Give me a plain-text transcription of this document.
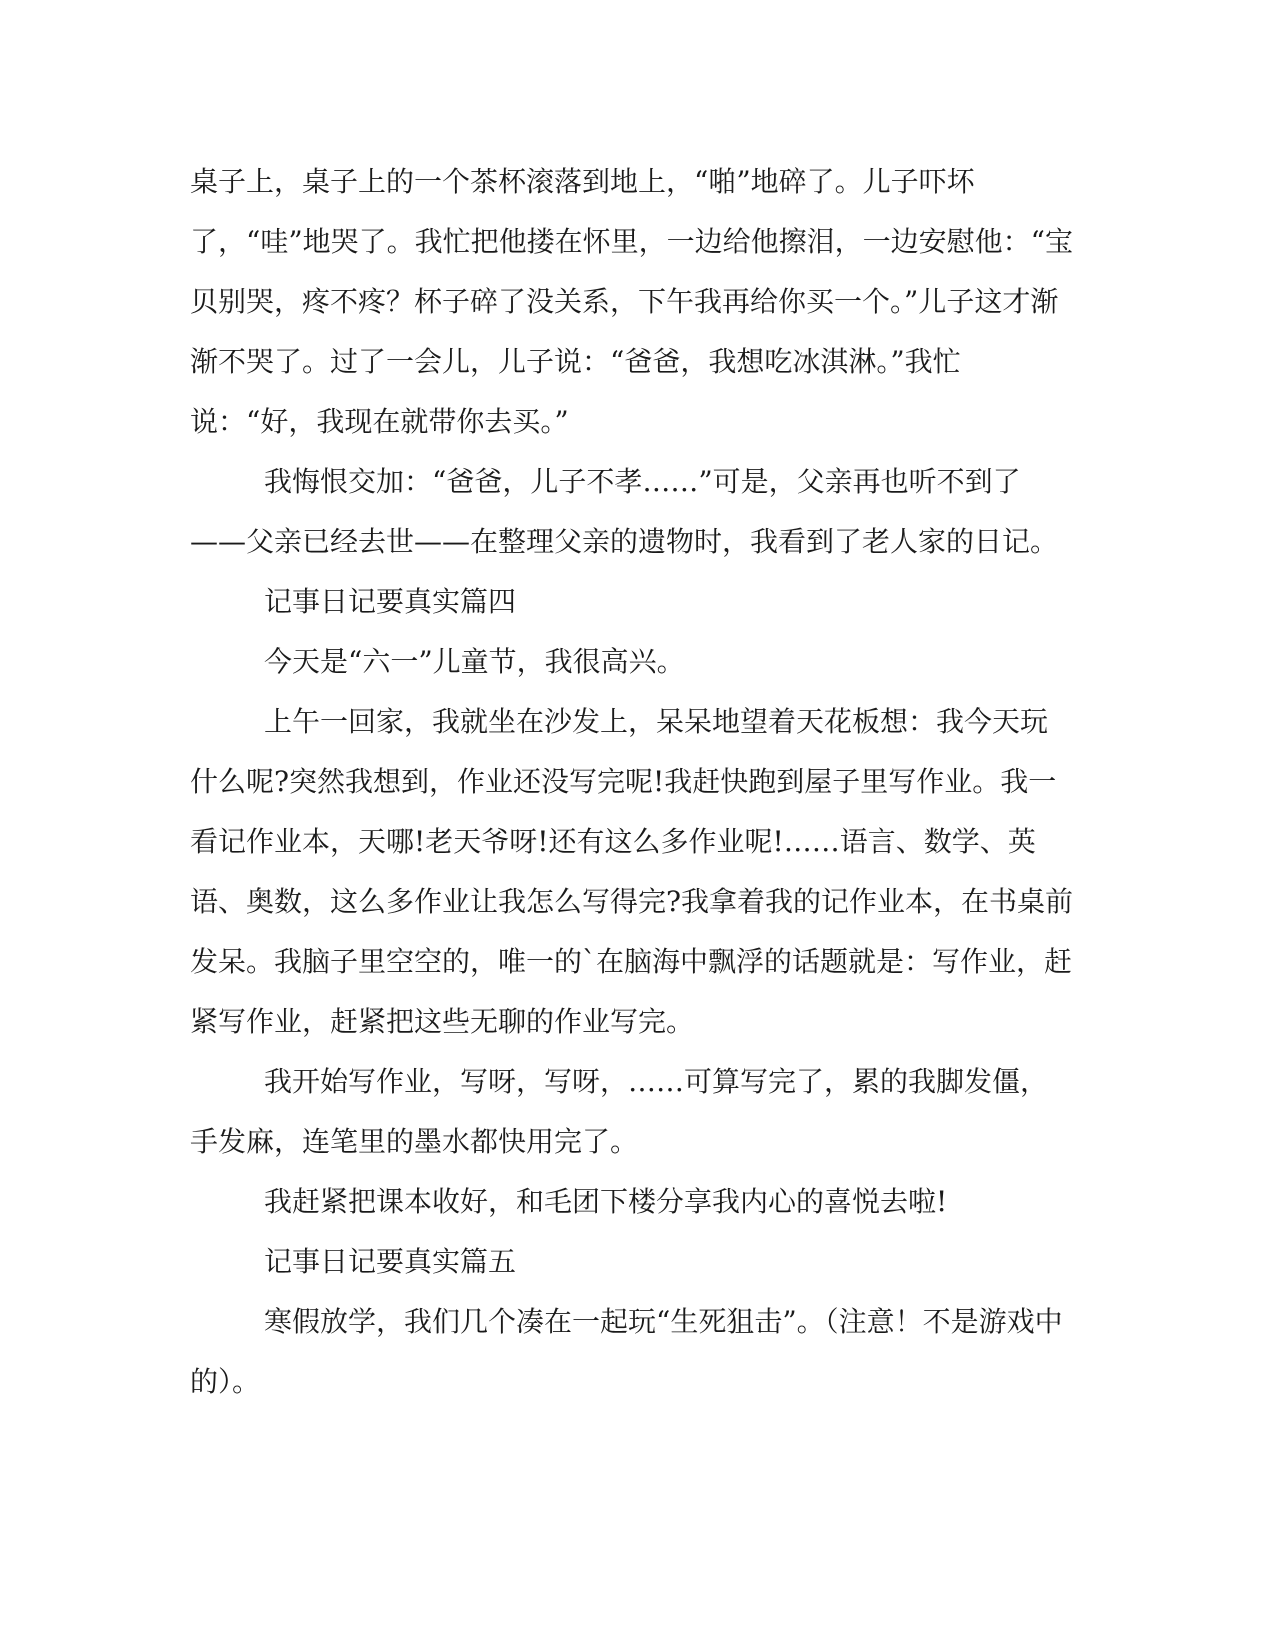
桌子上，桌子上的一个茶杯滚落到地上，“啪”地碎了。儿子吓坏了，“哇”地哭了。我忙把他搂在怀里，一边给他擦泪，一边安慰他：“宝贝别哭，疼不疼？杯子碎了没关系，下午我再给你买一个。”儿子这才渐渐不哭了。过了一会儿，儿子说：“爸爸，我想吃冰淇淋。”我忙说：“好，我现在就带你去买。”

我悔恨交加：“爸爸，儿子不孝……”可是，父亲再也听不到了——父亲已经去世——在整理父亲的遗物时，我看到了老人家的日记。

记事日记要真实篇四

今天是“六一”儿童节，我很高兴。

上午一回家，我就坐在沙发上，呆呆地望着天花板想：我今天玩什么呢?突然我想到，作业还没写完呢!我赶快跑到屋子里写作业。我一看记作业本，天哪!老天爷呀!还有这么多作业呢!……语言、数学、英语、奥数，这么多作业让我怎么写得完?我拿着我的记作业本，在书桌前发呆。我脑子里空空的，唯一的`在脑海中飘浮的话题就是：写作业，赶紧写作业，赶紧把这些无聊的作业写完。

我开始写作业，写呀，写呀，……可算写完了，累的我脚发僵，手发麻，连笔里的墨水都快用完了。

我赶紧把课本收好，和毛团下楼分享我内心的喜悦去啦!

记事日记要真实篇五

寒假放学，我们几个凑在一起玩“生死狙击”。（注意！不是游戏中的）。
